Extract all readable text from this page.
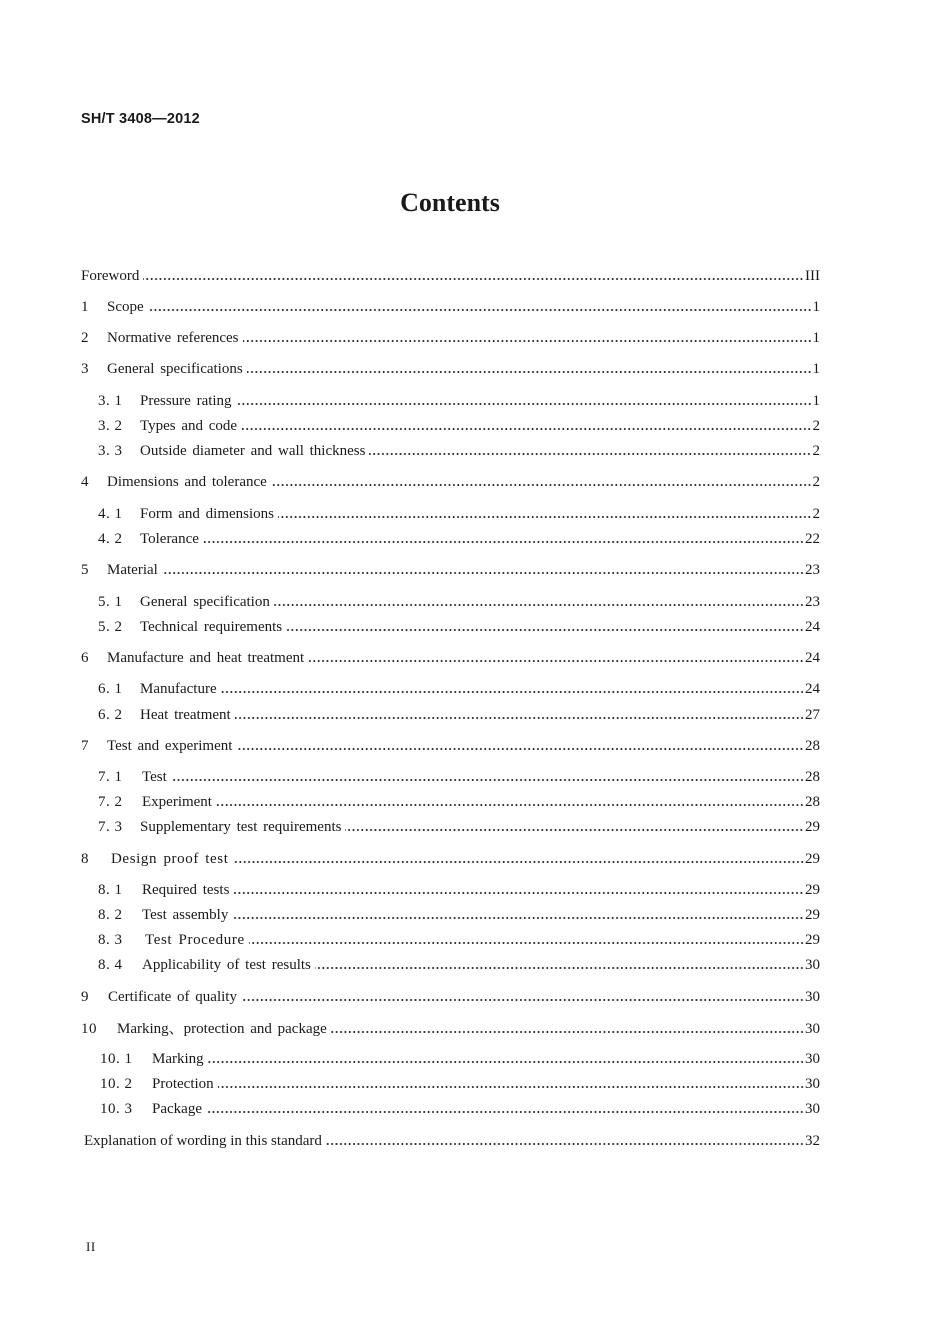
SH/T 3408—2012
Contents
Foreword	III
1	Scope	1
2	Normative references	1
3	General specifications	1
3. 1	Pressure rating	1
3. 2	Types and code	2
3. 3	Outside diameter and wall thickness	2
4	Dimensions and tolerance	2
4. 1	Form and dimensions	2
4. 2	Tolerance	22
5	Material	23
5. 1	General specification	23
5. 2	Technical requirements	24
6	Manufacture and heat treatment	24
6. 1	Manufacture	24
6. 2	Heat treatment	27
7	Test and experiment	28
7. 1	Test	28
7. 2	Experiment	28
7. 3	Supplementary test requirements	29
8	Design proof test	29
8. 1	Required tests	29
8. 2	Test assembly	29
8. 3	Test Procedure	29
8. 4	Applicability of test results	30
9	Certificate of quality	30
10	Marking、protection and package	30
10. 1	Marking	30
10. 2	Protection	30
10. 3	Package	30
Explanation of wording in this standard	32
II
